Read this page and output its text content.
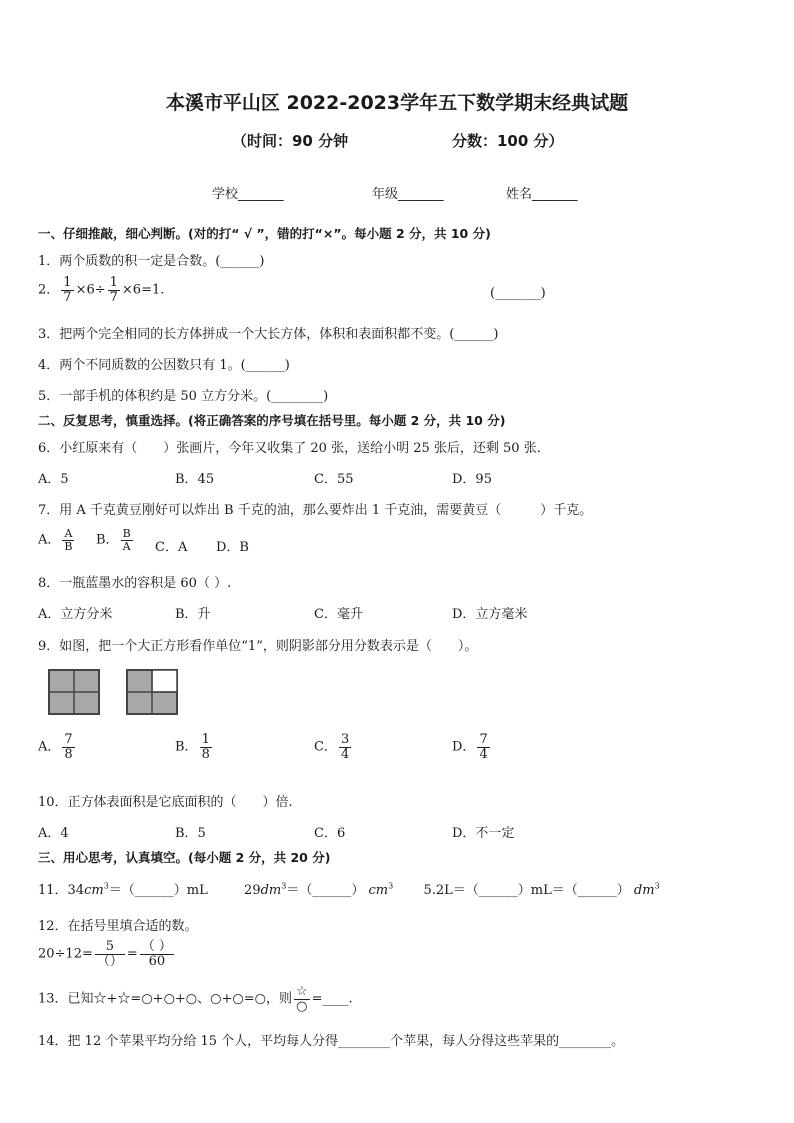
本溪市平山区 2022-2023学年五下数学期末经典试题
（时间：90 分钟	分数：100 分）
学校_______	年级_______	姓名_______
一、仔细推敲，细心判断。(对的打“ √ ”，错的打“×”。每小题 2 分，共 10 分)
1．两个质数的积一定是合数。(______)
2． $\frac{1}{7} \times 6\div \frac{1}{7} \times 6=1$.	(_______)
3．把两个完全相同的长方体拼成一个大长方体，体积和表面积都不变。(______)
4．两个不同质数的公因数只有 1。(______)
5．一部手机的体积约是 50 立方分米。(________)
二、反复思考，慎重选择。(将正确答案的序号填在括号里。每小题 2 分，共 10 分)
6．小红原来有（　　）张画片，今年又收集了 20 张，送给小明 25 张后，还剩 50 张．
A．5	B．45	C．55	D．95
7．用 A 千克黄豆刚好可以炸出 B 千克的油，那么要炸出 1 千克油，需要黄豆（　　　）千克。
A． $\frac{A}{B}$ B． $\frac{B}{A}$ C．A D．B
8．一瓶蓝墨水的容积是 60（ ）.
A．立方分米	B．升	C．毫升	D．立方毫米
9．如图，把一个大正方形看作单位“1”，则阴影部分用分数表示是（　　）。
A． $\frac{7}{8}$	B． $\frac{1}{8}$	C． $\frac{3}{4}$	D． $\frac{7}{4}$
10．正方体表面积是它底面积的（　　）倍.
A．4	B．5	C．6	D．不一定
三、用心思考，认真填空。(每小题 2 分，共 20 分)
11．$34cm^3=(\_\_\_\_\_\_)mL$	$29dm^3=(\_\_\_\_\_\_)$ $cm^3$ 5.2L＝（______）mL＝（______） $dm^3$
12．在括号里填合适的数。
$20\div 12= \frac{5}{()} = \frac{( )}{60}$
13．已知☆+☆=○+○+○、○+○=○，则 $\frac{☆}{○}$ =____.
14．把 12 个苹果平均分给 15 个人，平均每人分得________个苹果，每人分得这些苹果的________。
